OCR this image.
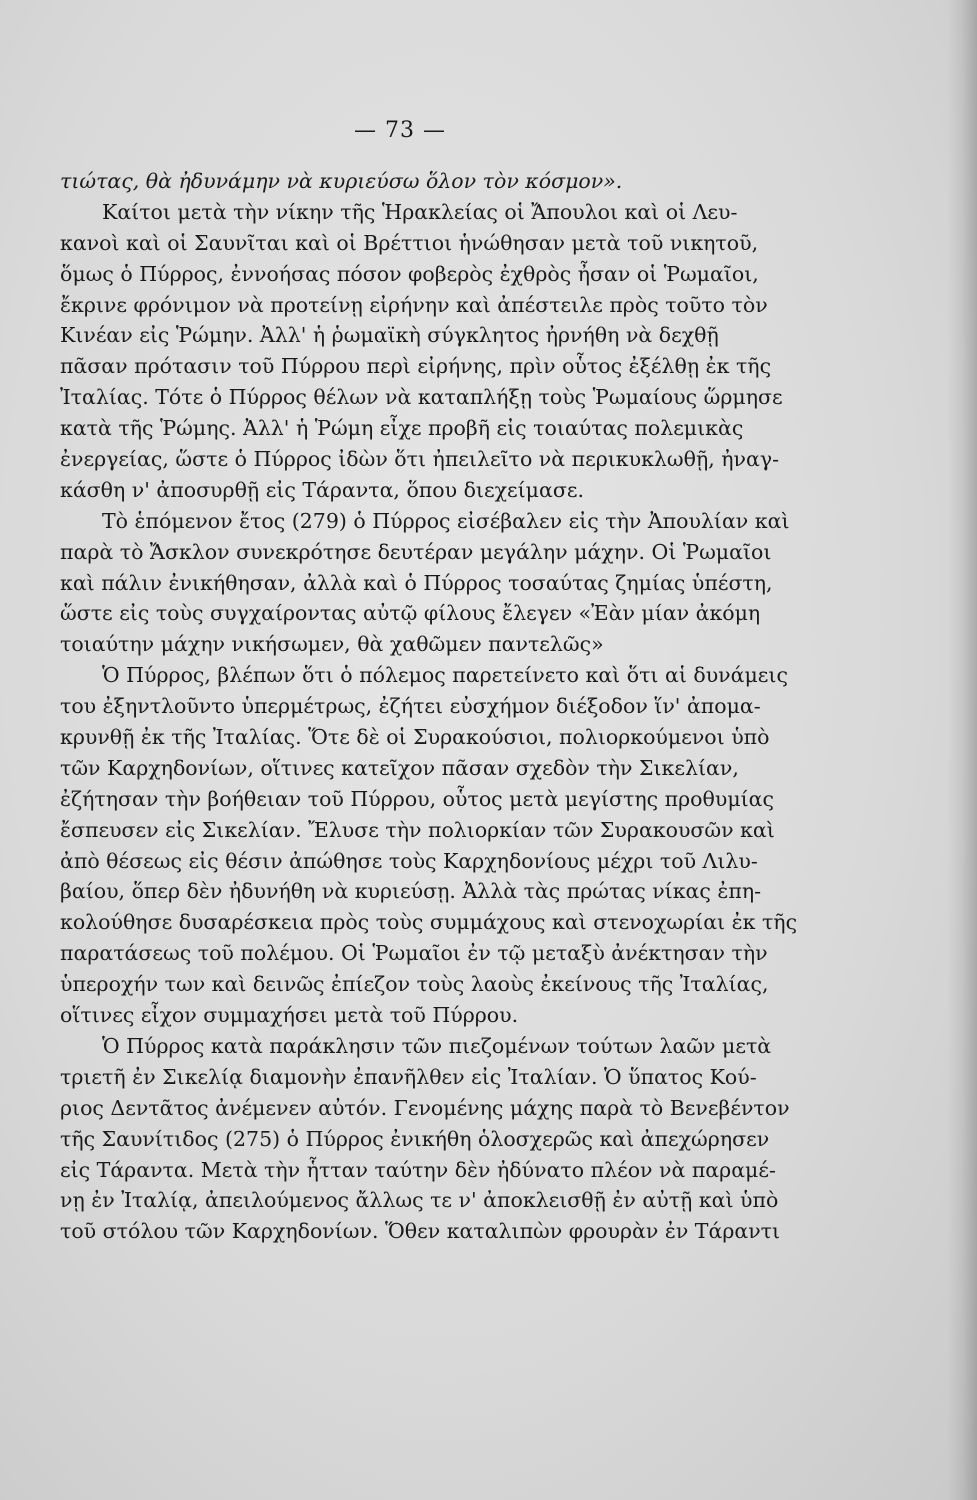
— 73 —
τιώτας, θὰ ἠδυνάμην νὰ κυριεύσω ὅλον τὸν κόσμον».
Καίτοι μετὰ τὴν νίκην τῆς Ἡρακλείας οἱ Ἄπουλοι καὶ οἱ Λευ-
κανοὶ καὶ οἱ Σαυνῖται καὶ οἱ Βρέττιοι ἡνώθησαν μετὰ τοῦ νικητοῦ,
ὅμως ὁ Πύρρος, ἐννοήσας πόσον φοβερὸς ἐχθρὸς ἦσαν οἱ Ῥωμαῖοι,
ἔκρινε φρόνιμον νὰ προτείνῃ εἰρήνην καὶ ἀπέστειλε πρὸς τοῦτο τὸν
Κινέαν εἰς Ῥώμην. Ἀλλ' ἡ ῥωμαϊκὴ σύγκλητος ἠρνήθη νὰ δεχθῇ
πᾶσαν πρότασιν τοῦ Πύρρου περὶ εἰρήνης, πρὶν οὗτος ἐξέλθῃ ἐκ τῆς
Ἰταλίας. Τότε ὁ Πύρρος θέλων νὰ καταπλήξῃ τοὺς Ῥωμαίους ὥρμησε
κατὰ τῆς Ῥώμης. Ἀλλ' ἡ Ῥώμη εἶχε προβῆ εἰς τοιαύτας πολεμικὰς
ἐνεργείας, ὥστε ὁ Πύρρος ἰδὼν ὅτι ἠπειλεῖτο νὰ περικυκλωθῇ, ἠναγ-
κάσθη ν' ἀποσυρθῇ εἰς Τάραντα, ὅπου διεχείμασε.
Τὸ ἑπόμενον ἔτος (279) ὁ Πύρρος εἰσέβαλεν εἰς τὴν Ἀπουλίαν καὶ
παρὰ τὸ Ἄσκλον συνεκρότησε δευτέραν μεγάλην μάχην. Οἱ Ῥωμαῖοι
καὶ πάλιν ἐνικήθησαν, ἀλλὰ καὶ ὁ Πύρρος τοσαύτας ζημίας ὑπέστη,
ὥστε εἰς τοὺς συγχαίροντας αὐτῷ φίλους ἔλεγεν «Ἐὰν μίαν ἀκόμη
τοιαύτην μάχην νικήσωμεν, θὰ χαθῶμεν παντελῶς»
Ὁ Πύρρος, βλέπων ὅτι ὁ πόλεμος παρετείνετο καὶ ὅτι αἱ δυνάμεις
του ἐξηντλοῦντο ὑπερμέτρως, ἐζήτει εὐσχήμον διέξοδον ἵν' ἀπομα-
κρυνθῇ ἐκ τῆς Ἰταλίας. Ὅτε δὲ οἱ Συρακούσιοι, πολιορκούμενοι ὑπὸ
τῶν Καρχηδονίων, οἵτινες κατεῖχον πᾶσαν σχεδὸν τὴν Σικελίαν,
ἐζήτησαν τὴν βοήθειαν τοῦ Πύρρου, οὗτος μετὰ μεγίστης προθυμίας
ἔσπευσεν εἰς Σικελίαν. Ἔλυσε τὴν πολιορκίαν τῶν Συρακουσῶν καὶ
ἀπὸ θέσεως εἰς θέσιν ἀπώθησε τοὺς Καρχηδονίους μέχρι τοῦ Λιλυ-
βαίου, ὅπερ δὲν ἠδυνήθη νὰ κυριεύσῃ. Ἀλλὰ τὰς πρώτας νίκας ἐπη-
κολούθησε δυσαρέσκεια πρὸς τοὺς συμμάχους καὶ στενοχωρίαι ἐκ τῆς
παρατάσεως τοῦ πολέμου. Οἱ Ῥωμαῖοι ἐν τῷ μεταξὺ ἀνέκτησαν τὴν
ὑπεροχήν των καὶ δεινῶς ἐπίεζον τοὺς λαοὺς ἐκείνους τῆς Ἰταλίας,
οἵτινες εἶχον συμμαχήσει μετὰ τοῦ Πύρρου.
Ὁ Πύρρος κατὰ παράκλησιν τῶν πιεζομένων τούτων λαῶν μετὰ
τριετῆ ἐν Σικελίᾳ διαμονὴν ἐπανῆλθεν εἰς Ἰταλίαν. Ὁ ὕπατος Κού-
ριος Δεντᾶτος ἀνέμενεν αὐτόν. Γενομένης μάχης παρὰ τὸ Βενεβέντον
τῆς Σαυνίτιδος (275) ὁ Πύρρος ἐνικήθη ὁλοσχερῶς καὶ ἀπεχώρησεν
εἰς Τάραντα. Μετὰ τὴν ἧτταν ταύτην δὲν ἠδύνατο πλέον νὰ παραμέ-
νῃ ἐν Ἰταλίᾳ, ἀπειλούμενος ἄλλως τε ν' ἀποκλεισθῇ ἐν αὐτῇ καὶ ὑπὸ
τοῦ στόλου τῶν Καρχηδονίων. Ὅθεν καταλιπὼν φρουρὰν ἐν Τάραντι
